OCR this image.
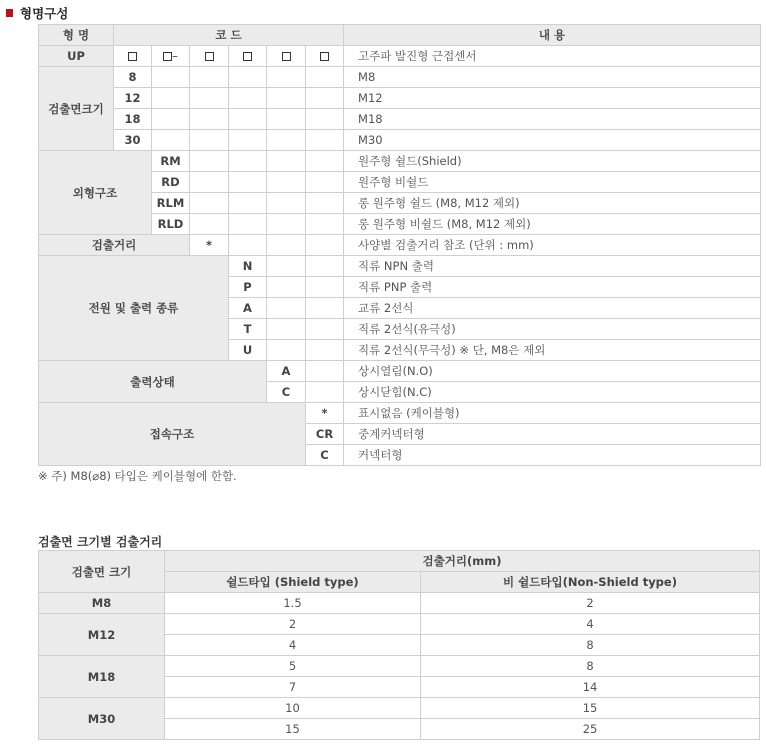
형명구성
형 명	코 드						내 용
UP		–					고주파 발진형 근접센서
검출면크기	8						M8
	12						M12
	18						M18
	30						M30
외형구조		RM					원주형 쉴드(Shield)
		RD					원주형 비쉴드
		RLM					롱 원주형 쉴드 (M8, M12 제외)
		RLD					롱 원주형 비쉴드 (M8, M12 제외)
검출거리			*				사양별 검출거리 참조 (단위 : mm)
전원 및 출력 종류				N			직류 NPN 출력
				P			직류 PNP 출력
				A			교류 2선식
				T			직류 2선식(유극성)
				U			직류 2선식(무극성) ※ 단, M8은 제외
출력상태					A		상시열림(N.O)
					C		상시닫힘(N.C)
접속구조						*	표시없음 (케이블형)
						CR	중계커넥터형
						C	커넥터형
※ 주) M8(⌀8) 타입은 케이블형에 한함.
검출면 크기별 검출거리
검출면 크기	검출거리(mm)	
	쉴드타입 (Shield type)	비 쉴드타입(Non-Shield type)
M8	1.5	2
M12	2	4
	4	8
M18	5	8
	7	14
M30	10	15
	15	25
